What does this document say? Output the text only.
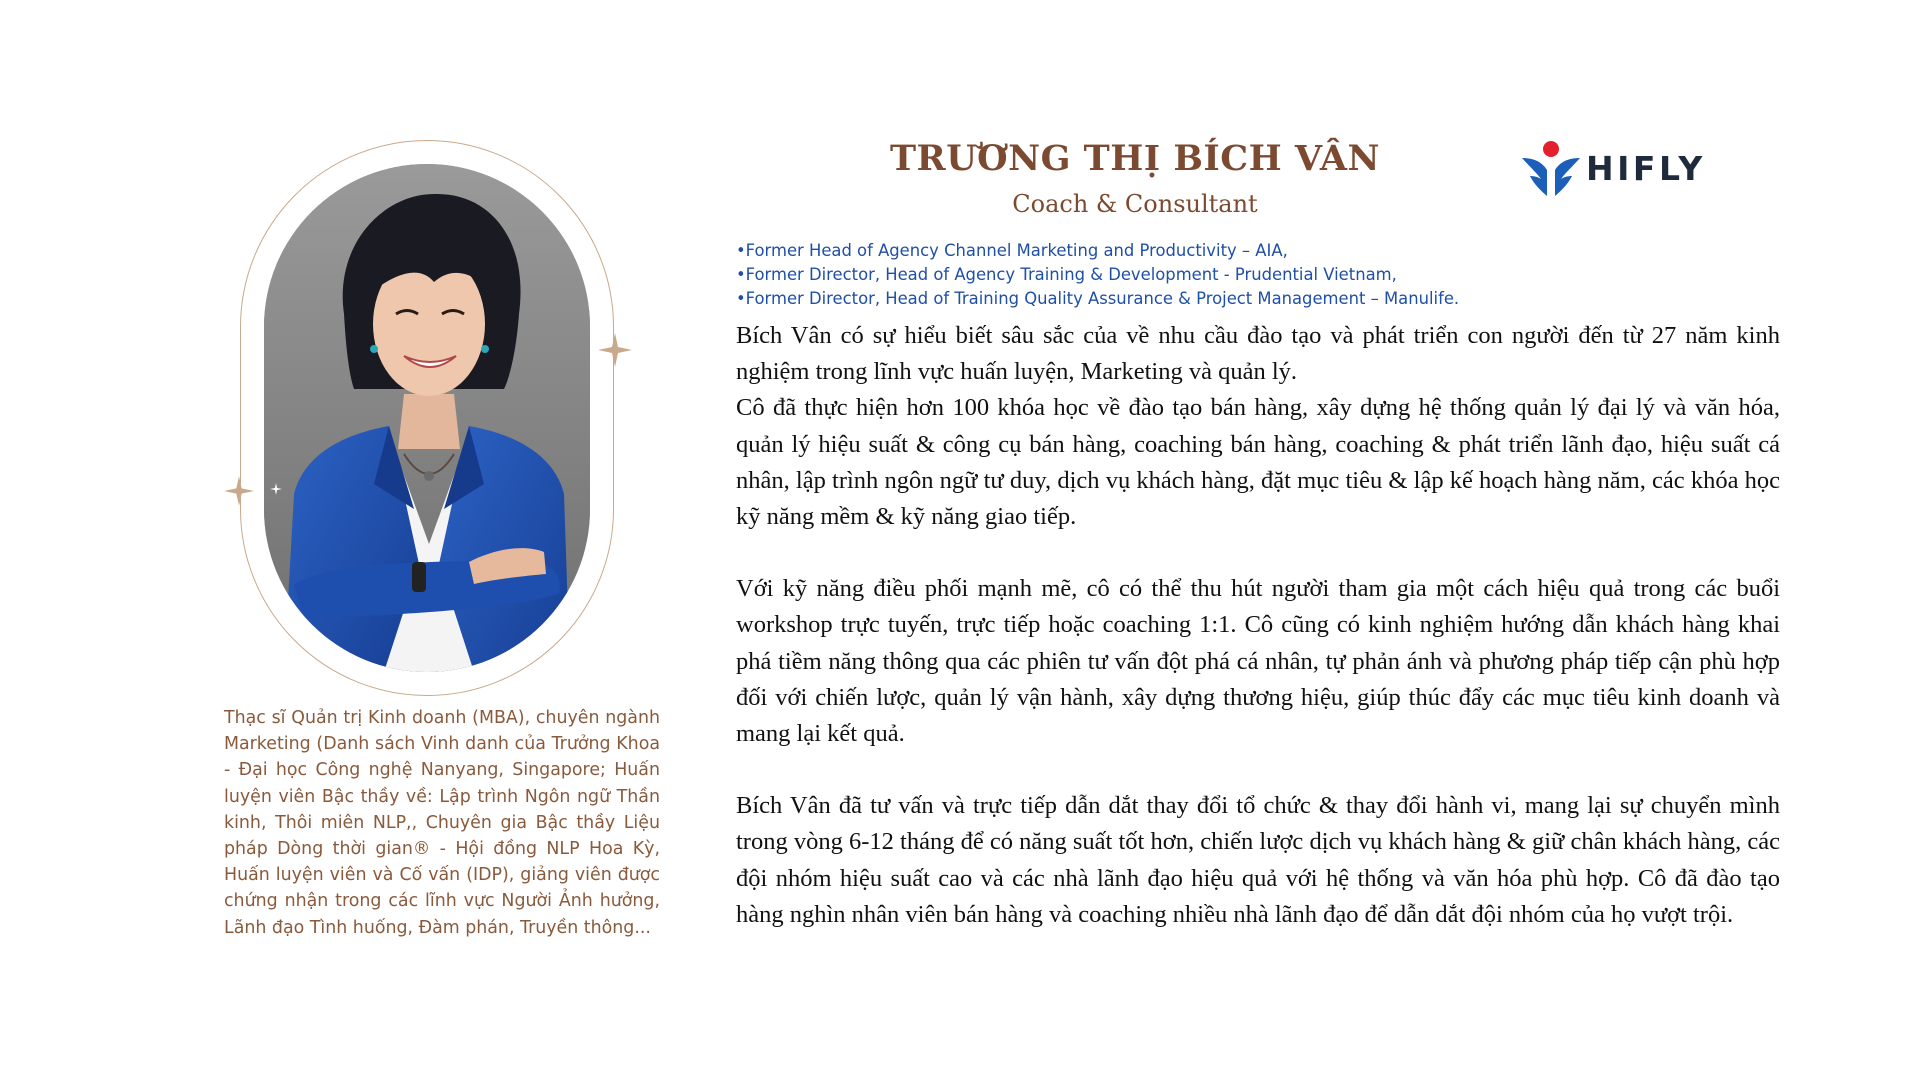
Thạc sĩ Quản trị Kinh doanh (MBA), chuyên ngành Marketing (Danh sách Vinh danh của Trưởng Khoa - Đại học Công nghệ Nanyang, Singapore; Huấn luyện viên Bậc thầy về: Lập trình Ngôn ngữ Thần kinh, Thôi miên NLP,, Chuyên gia Bậc thầy Liệu pháp Dòng thời gian® - Hội đồng NLP Hoa Kỳ, Huấn luyện viên và Cố vấn (IDP), giảng viên được chứng nhận trong các lĩnh vực Người Ảnh hưởng, Lãnh đạo Tình huống, Đàm phán, Truyền thông...

TRƯƠNG THỊ BÍCH VÂN
Coach & Consultant
HIFLY
•Former Head of Agency Channel Marketing and Productivity – AIA,
•Former Director, Head of Agency Training & Development - Prudential Vietnam,
•Former Director, Head of Training Quality Assurance & Project Management – Manulife.

Bích Vân có sự hiểu biết sâu sắc của về nhu cầu đào tạo và phát triển con người đến từ 27 năm kinh nghiệm trong lĩnh vực huấn luyện, Marketing và quản lý.

Cô đã thực hiện hơn 100 khóa học về đào tạo bán hàng, xây dựng hệ thống quản lý đại lý và văn hóa, quản lý hiệu suất & công cụ bán hàng, coaching bán hàng, coaching & phát triển lãnh đạo, hiệu suất cá nhân, lập trình ngôn ngữ tư duy, dịch vụ khách hàng, đặt mục tiêu & lập kế hoạch hàng năm, các khóa học kỹ năng mềm & kỹ năng giao tiếp.

Với kỹ năng điều phối mạnh mẽ, cô có thể thu hút người tham gia một cách hiệu quả trong các buổi workshop trực tuyến, trực tiếp hoặc coaching 1:1. Cô cũng có kinh nghiệm hướng dẫn khách hàng khai phá tiềm năng thông qua các phiên tư vấn đột phá cá nhân, tự phản ánh và phương pháp tiếp cận phù hợp đối với chiến lược, quản lý vận hành, xây dựng thương hiệu, giúp thúc đẩy các mục tiêu kinh doanh và mang lại kết quả.

Bích Vân đã tư vấn và trực tiếp dẫn dắt thay đổi tổ chức & thay đổi hành vi, mang lại sự chuyển mình trong vòng 6-12 tháng để có năng suất tốt hơn, chiến lược dịch vụ khách hàng & giữ chân khách hàng, các đội nhóm hiệu suất cao và các nhà lãnh đạo hiệu quả với hệ thống và văn hóa phù hợp. Cô đã đào tạo hàng nghìn nhân viên bán hàng và coaching nhiều nhà lãnh đạo để dẫn dắt đội nhóm của họ vượt trội.
